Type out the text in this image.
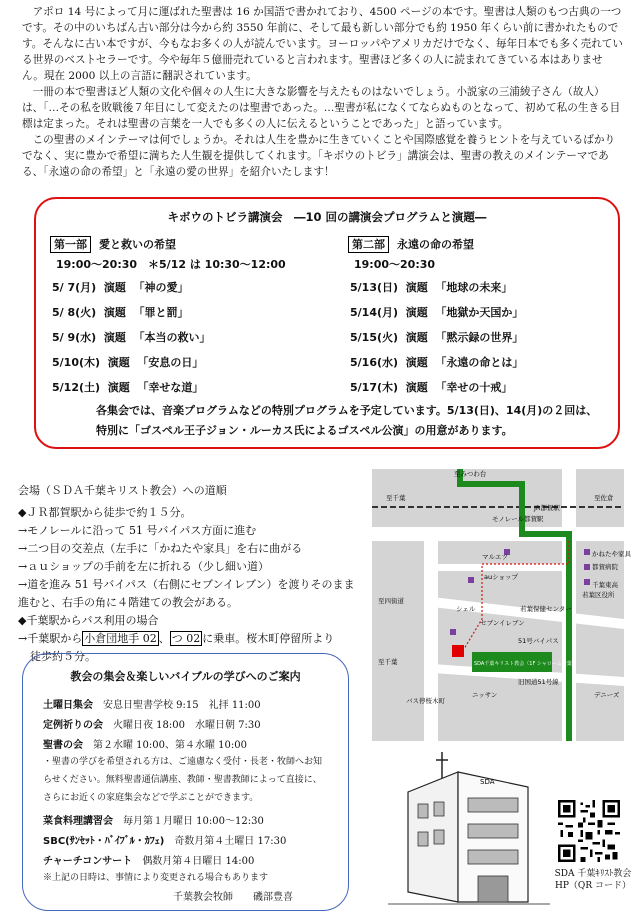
アポロ 14 号によって月に運ばれた聖書は 16 か国語で書かれており、4500 ページの本です。聖書は人類のもつ古典の一つです。その中のいちばん古い部分は今から約 3550 年前に、そして最も新しい部分でも約 1950 年くらい前に書かれたものです。そんなに古い本ですが、今もなお多くの人が読んでいます。ヨーロッパやアメリカだけでなく、毎年日本でも多く売れている世界のベストセラーです。今や毎年５億冊売れていると言われます。聖書ほど多くの人に読まれてきている本はありません。現在 2000 以上の言語に翻訳されています。

一冊の本で聖書ほど人類の文化や個々の人生に大きな影響を与えたものはないでしょう。小説家の三浦綾子さん（故人）は、「…その私を敗戦後７年目にして変えたのは聖書であった。…聖書が私になくてならぬものとなって、初めて私の生きる目標は定まった。それは聖書の言葉を一人でも多くの人に伝えるということであった」と語っています。

この聖書のメインテーマは何でしょうか。それは人生を豊かに生きていくことや国際感覚を養うヒントを与えているばかりでなく、実に豊かで希望に満ちた人生観を提供してくれます。「キボウのトビラ」講演会は、聖書の教えのメインテーマである、「永遠の命の希望」と「永遠の愛の世界」を紹介いたします！

キボウのトビラ講演会　―10 回の講演会プログラムと演題―
第一部 愛と救いの希望
19:00～20:30　＊5/12 は 10:30～12:00
5/ 7(月)  演題  「神の愛」
5/ 8(火)  演題  「罪と罰」
5/ 9(水)  演題  「本当の救い」
5/10(木)  演題  「安息の日」
5/12(土)  演題  「幸せな道」
第二部 永遠の命の希望
19:00～20:30
5/13(日)  演題  「地球の未来」
5/14(月)  演題  「地獄か天国か」
5/15(火)  演題  「黙示録の世界」
5/16(水)  演題  「永遠の命とは」
5/17(木)  演題  「幸せの十戒」
各集会では、音楽プログラムなどの特別プログラムを予定しています。5/13(日)、14(月)の２回は、特別に「ゴスペル王子ジョン・ルーカス氏によるゴスペル公演」の用意があります。
会場（ＳＤＡ千葉キリスト教会）への道順
◆ＪＲ都賀駅から徒歩で約１５分。
→モノレールに沿って 51 号バイパス方面に進む
→二つ目の交差点（左手に「かねたや家具」を右に曲がる
→ａｕショップの手前を左に折れる（少し細い道）
→道を進み 51 号バイパス（右側にセブンイレブン）を渡りそのまま進むと、右手の角に４階建ての教会がある。
◆千葉駅からバス利用の場合
→千葉駅から 小倉団地手 02 、 つ 02 に乗車。桜木町停留所より
徒歩約５分。
至みつわ台
至千葉
JR都賀駅
至佐倉
モノレール都賀駅
マルエツ	かねたや家具
都賀病院
auショップ
千葉東高
若葉区役所
至四街道
シェル
セブンイレブン
若葉保健センター
51号バイパス
SDA千葉キリスト教会（1F シャローム若葉）
旧国道51号線
バス停桜木町
ニッサン	デニーズ
至千葉
教会の集会＆楽しいバイブルの学びへのご案内
土曜日集会　 安息日聖書学校 9:15　礼拝 11:00
定例祈りの会　 火曜日夜 18:00　水曜日朝 7:30
聖書の会　 第２水曜 10:00、第４水曜 10:00
・聖書の学びを希望される方は、ご遠慮なく受付・長老・牧師へお知
らせください。無料聖書通信講座、教師・聖書教師によって直接に、
さらにお近くの家庭集会などで学ぶことができます。
菜食料理講習会　 毎月第１月曜日 10:00～12:30
SBC(ｻﾝｾｯﾄ・ﾊﾞｲﾌﾞﾙ・ｶﾌｪ)　 奇数月第４土曜日 17:30
チャーチコンサート　 偶数月第４日曜日 14:00
※上記の日時は、事情により変更される場合もあります
千葉教会牧師　　磯部豊喜
SDA
SDA 千葉ｷﾘｽﾄ教会 HP（QR コード）
